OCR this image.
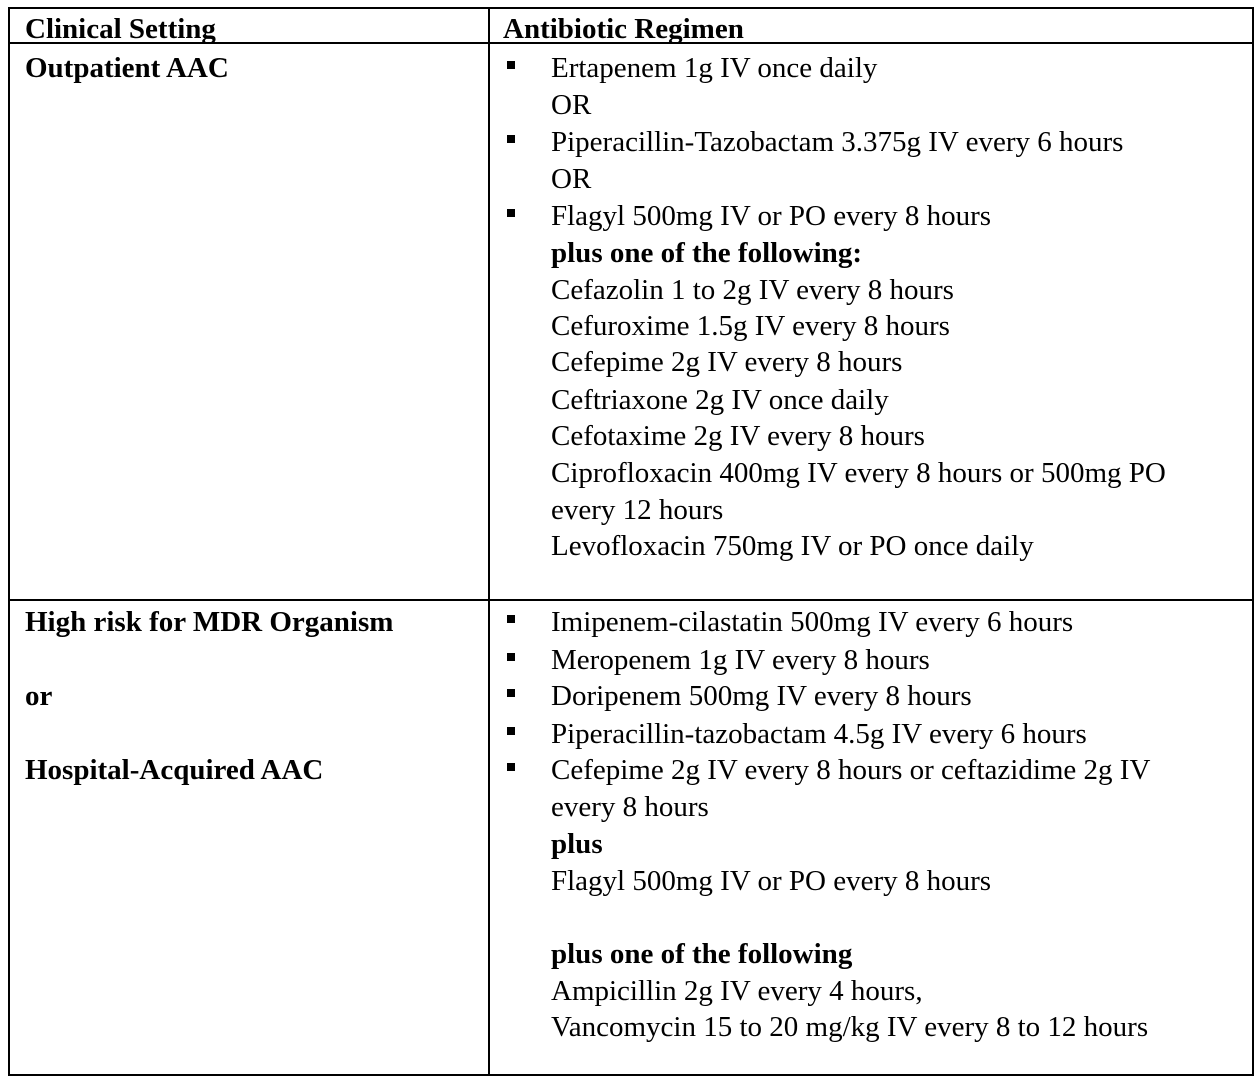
Clinical Setting	Antibiotic Regimen
Outpatient AAC	Ertapenem 1g IV once daily
OR
Piperacillin-Tazobactam 3.375g IV every 6 hours
OR
Flagyl 500mg IV or PO every 8 hours
plus one of the following:
Cefazolin 1 to 2g IV every 8 hours
Cefuroxime 1.5g IV every 8 hours
Cefepime 2g IV every 8 hours
Ceftriaxone 2g IV once daily
Cefotaxime 2g IV every 8 hours
Ciprofloxacin 400mg IV every 8 hours or 500mg PO
every 12 hours
Levofloxacin 750mg IV or PO once daily
High risk for MDR Organism
or
Hospital-Acquired AAC
Imipenem-cilastatin 500mg IV every 6 hours
Meropenem 1g IV every 8 hours
Doripenem 500mg IV every 8 hours
Piperacillin-tazobactam 4.5g IV every 6 hours
Cefepime 2g IV every 8 hours or ceftazidime 2g IV
every 8 hours
plus
Flagyl 500mg IV or PO every 8 hours
plus one of the following
Ampicillin 2g IV every 4 hours,
Vancomycin 15 to 20 mg/kg IV every 8 to 12 hours
